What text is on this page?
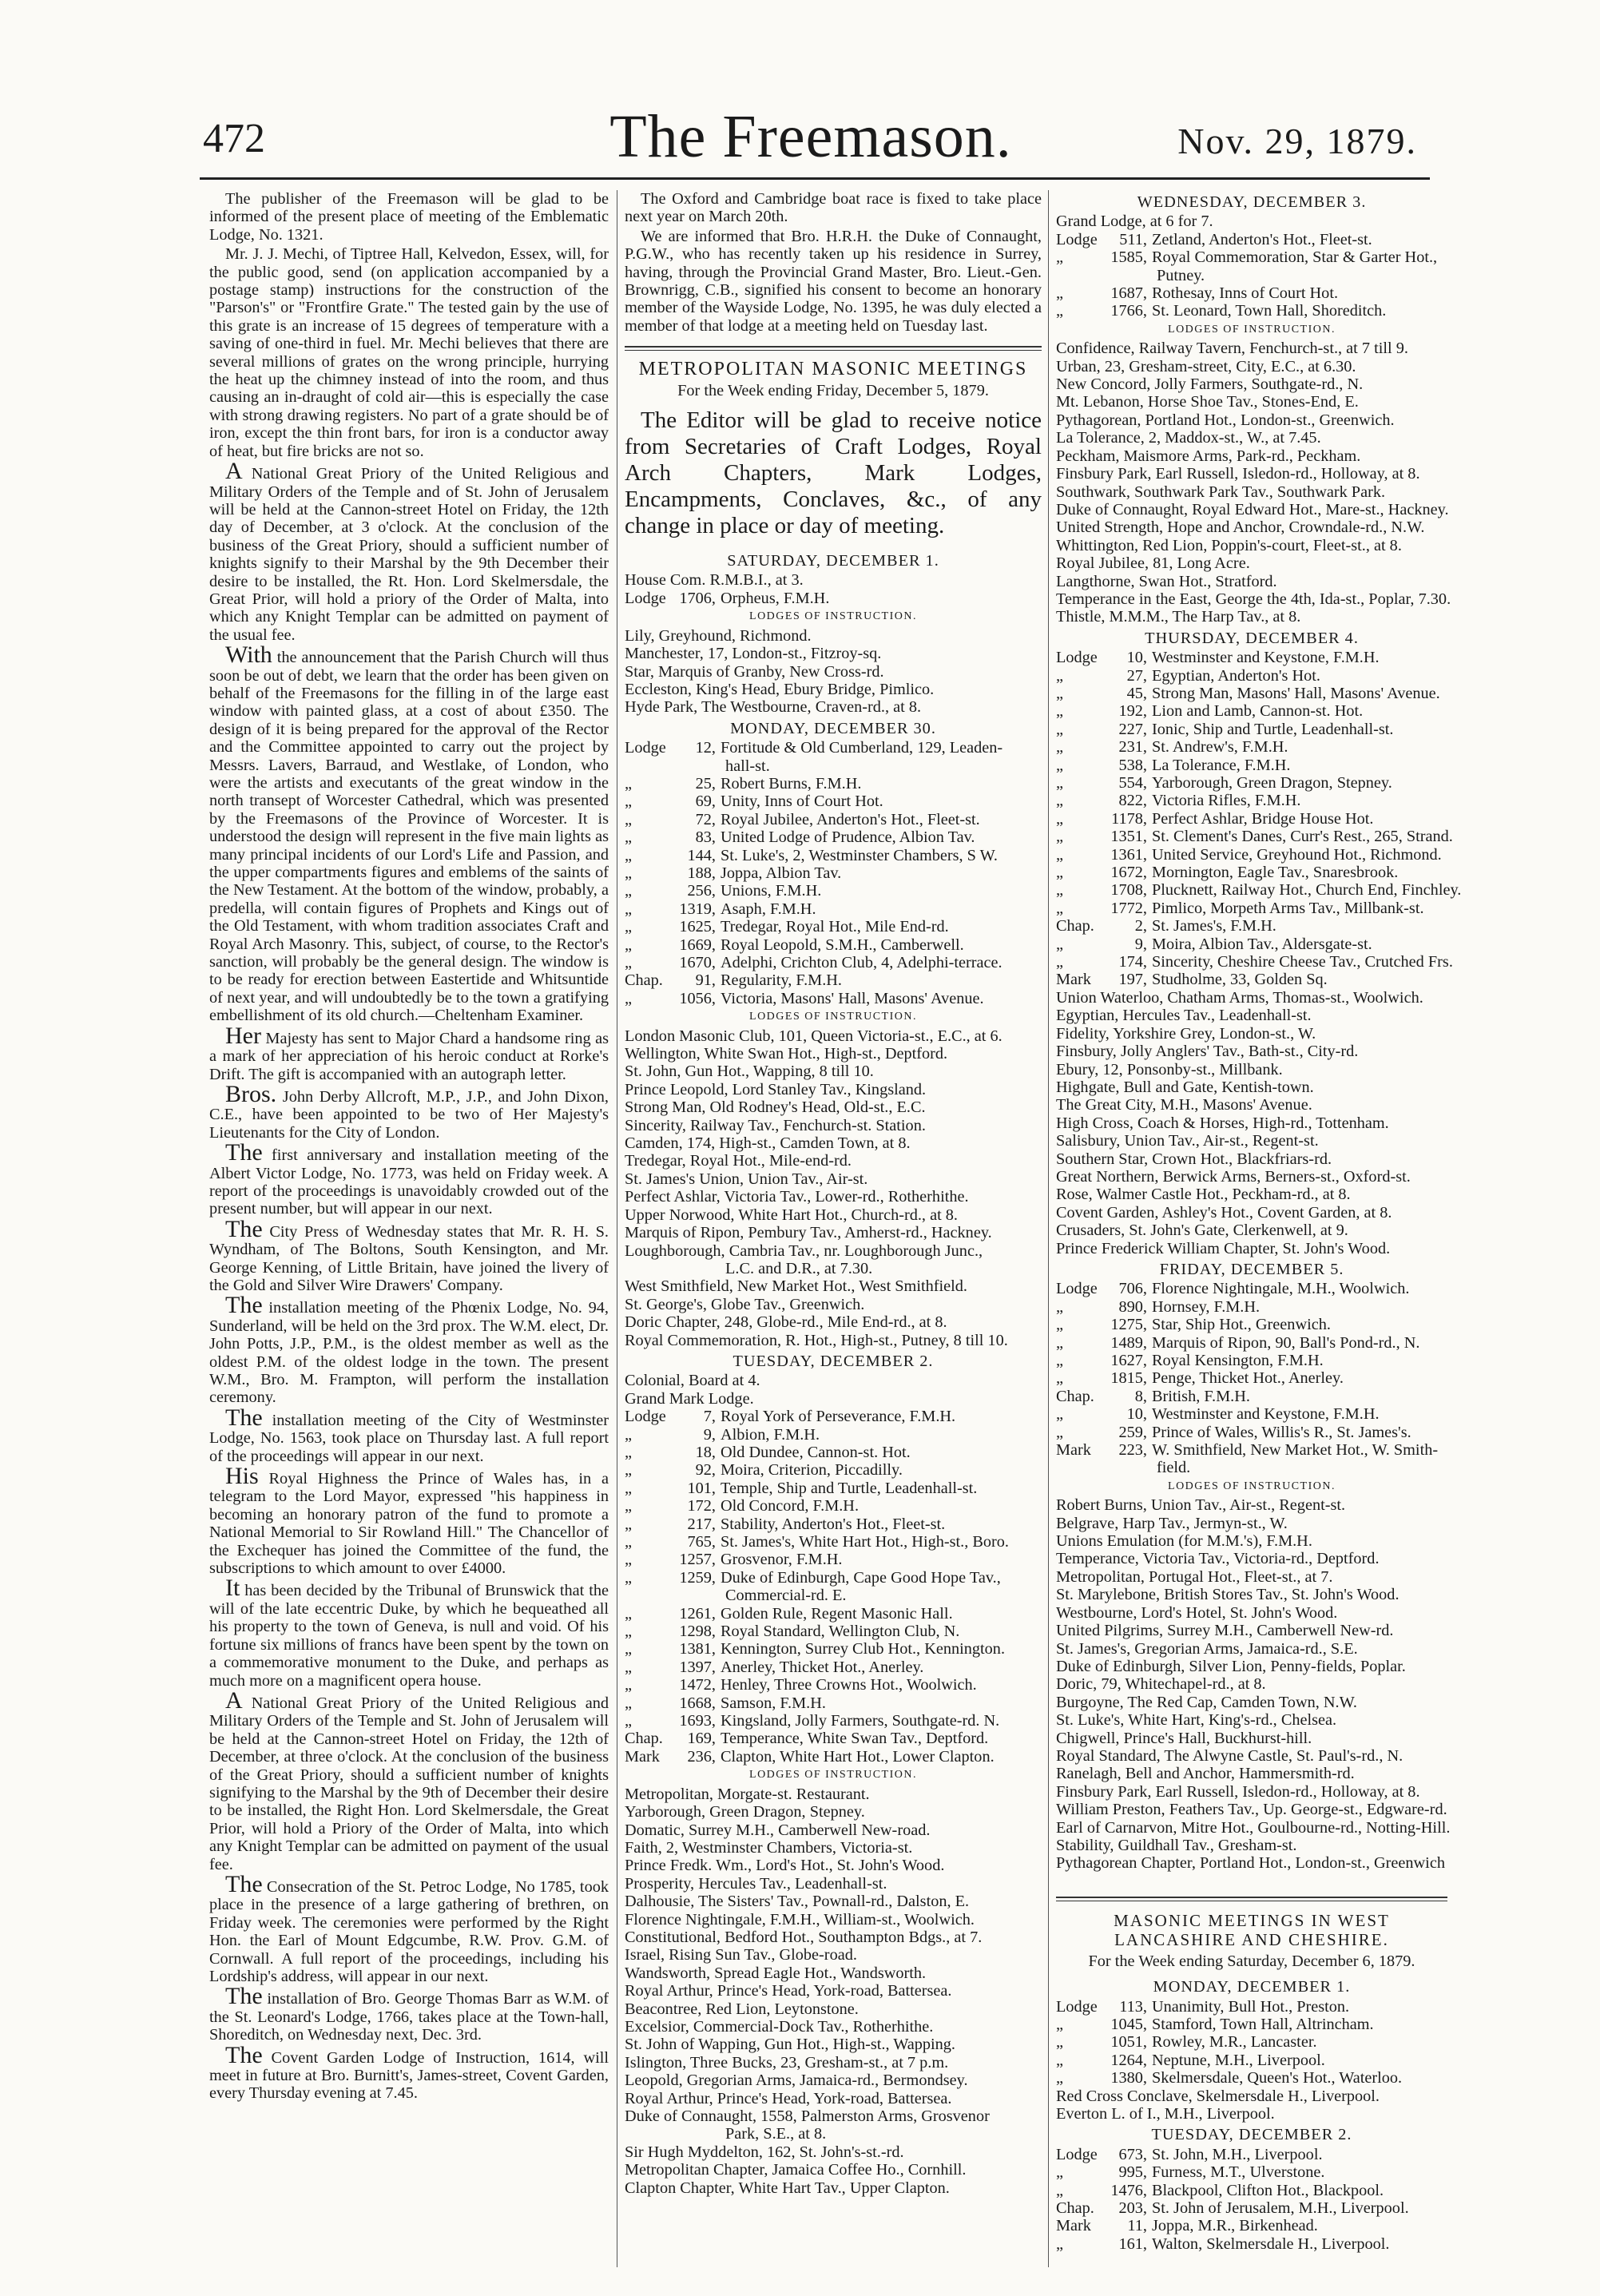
472	The Freemason.	Nov. 29, 1879.

The publisher of the Freemason will be glad to be informed of the present place of meeting of the Emblematic Lodge, No. 1321.

Mr. J. J. Mechi, of Tiptree Hall, Kelvedon, Essex, will, for the public good, send (on application accompanied by a postage stamp) instructions for the construction of the "Parson's" or "Frontfire Grate." The tested gain by the use of this grate is an increase of 15 degrees of temperature with a saving of one-third in fuel. Mr. Mechi believes that there are several millions of grates on the wrong principle, hurrying the heat up the chimney instead of into the room, and thus causing an in-draught of cold air—this is especially the case with strong drawing registers. No part of a grate should be of iron, except the thin front bars, for iron is a conductor away of heat, but fire bricks are not so.

A National Great Priory of the United Religious and Military Orders of the Temple and of St. John of Jerusalem will be held at the Cannon-street Hotel on Friday, the 12th day of December, at 3 o'clock. At the conclusion of the business of the Great Priory, should a sufficient number of knights signify to their Marshal by the 9th December their desire to be installed, the Rt. Hon. Lord Skelmersdale, the Great Prior, will hold a priory of the Order of Malta, into which any Knight Templar can be admitted on payment of the usual fee.

With the announcement that the Parish Church will thus soon be out of debt, we learn that the order has been given on behalf of the Freemasons for the filling in of the large east window with painted glass, at a cost of about £350. The design of it is being prepared for the approval of the Rector and the Committee appointed to carry out the project by Messrs. Lavers, Barraud, and Westlake, of London, who were the artists and executants of the great window in the north transept of Worcester Cathedral, which was presented by the Freemasons of the Province of Worcester. It is understood the design will represent in the five main lights as many principal incidents of our Lord's Life and Passion, and the upper compartments figures and emblems of the saints of the New Testament. At the bottom of the window, probably, a predella, will contain figures of Prophets and Kings out of the Old Testament, with whom tradition associates Craft and Royal Arch Masonry. This, subject, of course, to the Rector's sanction, will probably be the general design. The window is to be ready for erection between Eastertide and Whitsuntide of next year, and will undoubtedly be to the town a gratifying embellishment of its old church.—Cheltenham Examiner.

Her Majesty has sent to Major Chard a handsome ring as a mark of her appreciation of his heroic conduct at Rorke's Drift. The gift is accompanied with an autograph letter.

Bros. John Derby Allcroft, M.P., J.P., and John Dixon, C.E., have been appointed to be two of Her Majesty's Lieutenants for the City of London.

The first anniversary and installation meeting of the Albert Victor Lodge, No. 1773, was held on Friday week. A report of the proceedings is unavoidably crowded out of the present number, but will appear in our next.

The City Press of Wednesday states that Mr. R. H. S. Wyndham, of The Boltons, South Kensington, and Mr. George Kenning, of Little Britain, have joined the livery of the Gold and Silver Wire Drawers' Company.

The installation meeting of the Phœnix Lodge, No. 94, Sunderland, will be held on the 3rd prox. The W.M. elect, Dr. John Potts, J.P., P.M., is the oldest member as well as the oldest P.M. of the oldest lodge in the town. The present W.M., Bro. M. Frampton, will perform the installation ceremony.

The installation meeting of the City of Westminster Lodge, No. 1563, took place on Thursday last. A full report of the proceedings will appear in our next.

His Royal Highness the Prince of Wales has, in a telegram to the Lord Mayor, expressed "his happiness in becoming an honorary patron of the fund to promote a National Memorial to Sir Rowland Hill." The Chancellor of the Exchequer has joined the Committee of the fund, the subscriptions to which amount to over £4000.

It has been decided by the Tribunal of Brunswick that the will of the late eccentric Duke, by which he bequeathed all his property to the town of Geneva, is null and void. Of his fortune six millions of francs have been spent by the town on a commemorative monument to the Duke, and perhaps as much more on a magnificent opera house.

A National Great Priory of the United Religious and Military Orders of the Temple and St. John of Jerusalem will be held at the Cannon-street Hotel on Friday, the 12th of December, at three o'clock. At the conclusion of the business of the Great Priory, should a sufficient number of knights signifying to the Marshal by the 9th of December their desire to be installed, the Right Hon. Lord Skelmersdale, the Great Prior, will hold a Priory of the Order of Malta, into which any Knight Templar can be admitted on payment of the usual fee.

The Consecration of the St. Petroc Lodge, No 1785, took place in the presence of a large gathering of brethren, on Friday week. The ceremonies were performed by the Right Hon. the Earl of Mount Edgcumbe, R.W. Prov. G.M. of Cornwall. A full report of the proceedings, including his Lordship's address, will appear in our next.

The installation of Bro. George Thomas Barr as W.M. of the St. Leonard's Lodge, 1766, takes place at the Town-hall, Shoreditch, on Wednesday next, Dec. 3rd.

The Covent Garden Lodge of Instruction, 1614, will meet in future at Bro. Burnitt's, James-street, Covent Garden, every Thursday evening at 7.45.

The Oxford and Cambridge boat race is fixed to take place next year on March 20th.

We are informed that Bro. H.R.H. the Duke of Connaught, P.G.W., who has recently taken up his residence in Surrey, having, through the Provincial Grand Master, Bro. Lieut.-Gen. Brownrigg, C.B., signified his consent to become an honorary member of the Wayside Lodge, No. 1395, he was duly elected a member of that lodge at a meeting held on Tuesday last.

METROPOLITAN MASONIC MEETINGS
For the Week ending Friday, December 5, 1879.
The Editor will be glad to receive notice from Secretaries of Craft Lodges, Royal Arch Chapters, Mark Lodges, Encampments, Conclaves, &c., of any change in place or day of meeting.
SATURDAY, DECEMBER 1.
House Com. R.M.B.I., at 3.
Lodge 1706, Orpheus, F.M.H.
LODGES OF INSTRUCTION.
Lily, Greyhound, Richmond.
Manchester, 17, London-st., Fitzroy-sq.
Star, Marquis of Granby, New Cross-rd.
Eccleston, King's Head, Ebury Bridge, Pimlico.
Hyde Park, The Westbourne, Craven-rd., at 8.
MONDAY, DECEMBER 30.
Lodge 12, Fortitude & Old Cumberland, 129, Leaden-
hall-st.
„	25, Robert Burns, F.M.H.
„	69, Unity, Inns of Court Hot.
„	72, Royal Jubilee, Anderton's Hot., Fleet-st.
„	83, United Lodge of Prudence, Albion Tav.
„	144, St. Luke's, 2, Westminster Chambers, S W.
„	188, Joppa, Albion Tav.
„	256, Unions, F.M.H.
„	1319, Asaph, F.M.H.
„	1625, Tredegar, Royal Hot., Mile End-rd.
„	1669, Royal Leopold, S.M.H., Camberwell.
„	1670, Adelphi, Crichton Club, 4, Adelphi-terrace.
Chap. 91, Regularity, F.M.H.
„	1056, Victoria, Masons' Hall, Masons' Avenue.
LODGES OF INSTRUCTION.
London Masonic Club, 101, Queen Victoria-st., E.C., at 6.
Wellington, White Swan Hot., High-st., Deptford.
St. John, Gun Hot., Wapping, 8 till 10.
Prince Leopold, Lord Stanley Tav., Kingsland.
Strong Man, Old Rodney's Head, Old-st., E.C.
Sincerity, Railway Tav., Fenchurch-st. Station.
Camden, 174, High-st., Camden Town, at 8.
Tredegar, Royal Hot., Mile-end-rd.
St. James's Union, Union Tav., Air-st.
Perfect Ashlar, Victoria Tav., Lower-rd., Rotherhithe.
Upper Norwood, White Hart Hot., Church-rd., at 8.
Marquis of Ripon, Pembury Tav., Amherst-rd., Hackney.
Loughborough, Cambria Tav., nr. Loughborough Junc.,
L.C. and D.R., at 7.30.
West Smithfield, New Market Hot., West Smithfield.
St. George's, Globe Tav., Greenwich.
Doric Chapter, 248, Globe-rd., Mile End-rd., at 8.
Royal Commemoration, R. Hot., High-st., Putney, 8 till 10.
TUESDAY, DECEMBER 2.
Colonial, Board at 4.
Grand Mark Lodge.
Lodge 7, Royal York of Perseverance, F.M.H.
„	9, Albion, F.M.H.
„	18, Old Dundee, Cannon-st. Hot.
„	92, Moira, Criterion, Piccadilly.
„	101, Temple, Ship and Turtle, Leadenhall-st.
„	172, Old Concord, F.M.H.
„	217, Stability, Anderton's Hot., Fleet-st.
„	765, St. James's, White Hart Hot., High-st., Boro.
„	1257, Grosvenor, F.M.H.
„	1259, Duke of Edinburgh, Cape Good Hope Tav.,
Commercial-rd. E.
„	1261, Golden Rule, Regent Masonic Hall.
„	1298, Royal Standard, Wellington Club, N.
„	1381, Kennington, Surrey Club Hot., Kennington.
„	1397, Anerley, Thicket Hot., Anerley.
„	1472, Henley, Three Crowns Hot., Woolwich.
„	1668, Samson, F.M.H.
„	1693, Kingsland, Jolly Farmers, Southgate-rd. N.
Chap. 169, Temperance, White Swan Tav., Deptford.
Mark 236, Clapton, White Hart Hot., Lower Clapton.
LODGES OF INSTRUCTION.
Metropolitan, Morgate-st. Restaurant.
Yarborough, Green Dragon, Stepney.
Domatic, Surrey M.H., Camberwell New-road.
Faith, 2, Westminster Chambers, Victoria-st.
Prince Fredk. Wm., Lord's Hot., St. John's Wood.
Prosperity, Hercules Tav., Leadenhall-st.
Dalhousie, The Sisters' Tav., Pownall-rd., Dalston, E.
Florence Nightingale, F.M.H., William-st., Woolwich.
Constitutional, Bedford Hot., Southampton Bdgs., at 7.
Israel, Rising Sun Tav., Globe-road.
Wandsworth, Spread Eagle Hot., Wandsworth.
Royal Arthur, Prince's Head, York-road, Battersea.
Beacontree, Red Lion, Leytonstone.
Excelsior, Commercial-Dock Tav., Rotherhithe.
St. John of Wapping, Gun Hot., High-st., Wapping.
Islington, Three Bucks, 23, Gresham-st., at 7 p.m.
Leopold, Gregorian Arms, Jamaica-rd., Bermondsey.
Royal Arthur, Prince's Head, York-road, Battersea.
Duke of Connaught, 1558, Palmerston Arms, Grosvenor
Park, S.E., at 8.
Sir Hugh Myddelton, 162, St. John's-st.-rd.
Metropolitan Chapter, Jamaica Coffee Ho., Cornhill.
Clapton Chapter, White Hart Tav., Upper Clapton.
WEDNESDAY, DECEMBER 3.
Grand Lodge, at 6 for 7.
Lodge 511, Zetland, Anderton's Hot., Fleet-st.
„	1585, Royal Commemoration, Star & Garter Hot.,
Putney.
„	1687, Rothesay, Inns of Court Hot.
„	1766, St. Leonard, Town Hall, Shoreditch.
LODGES OF INSTRUCTION.
Confidence, Railway Tavern, Fenchurch-st., at 7 till 9.
Urban, 23, Gresham-street, City, E.C., at 6.30.
New Concord, Jolly Farmers, Southgate-rd., N.
Mt. Lebanon, Horse Shoe Tav., Stones-End, E.
Pythagorean, Portland Hot., London-st., Greenwich.
La Tolerance, 2, Maddox-st., W., at 7.45.
Peckham, Maismore Arms, Park-rd., Peckham.
Finsbury Park, Earl Russell, Isledon-rd., Holloway, at 8.
Southwark, Southwark Park Tav., Southwark Park.
Duke of Connaught, Royal Edward Hot., Mare-st., Hackney.
United Strength, Hope and Anchor, Crowndale-rd., N.W.
Whittington, Red Lion, Poppin's-court, Fleet-st., at 8.
Royal Jubilee, 81, Long Acre.
Langthorne, Swan Hot., Stratford.
Temperance in the East, George the 4th, Ida-st., Poplar, 7.30.
Thistle, M.M.M., The Harp Tav., at 8.
THURSDAY, DECEMBER 4.
Lodge 10, Westminster and Keystone, F.M.H.
„	27, Egyptian, Anderton's Hot.
„	45, Strong Man, Masons' Hall, Masons' Avenue.
„	192, Lion and Lamb, Cannon-st. Hot.
„	227, Ionic, Ship and Turtle, Leadenhall-st.
„	231, St. Andrew's, F.M.H.
„	538, La Tolerance, F.M.H.
„	554, Yarborough, Green Dragon, Stepney.
„	822, Victoria Rifles, F.M.H.
„	1178, Perfect Ashlar, Bridge House Hot.
„	1351, St. Clement's Danes, Curr's Rest., 265, Strand.
„	1361, United Service, Greyhound Hot., Richmond.
„	1672, Mornington, Eagle Tav., Snaresbrook.
„	1708, Plucknett, Railway Hot., Church End, Finchley.
„	1772, Pimlico, Morpeth Arms Tav., Millbank-st.
Chap.	2, St. James's, F.M.H.
„	9, Moira, Albion Tav., Aldersgate-st.
„	174, Sincerity, Cheshire Cheese Tav., Crutched Frs.
Mark 197, Studholme, 33, Golden Sq.
Union Waterloo, Chatham Arms, Thomas-st., Woolwich.
Egyptian, Hercules Tav., Leadenhall-st.
Fidelity, Yorkshire Grey, London-st., W.
Finsbury, Jolly Anglers' Tav., Bath-st., City-rd.
Ebury, 12, Ponsonby-st., Millbank.
Highgate, Bull and Gate, Kentish-town.
The Great City, M.H., Masons' Avenue.
High Cross, Coach & Horses, High-rd., Tottenham.
Salisbury, Union Tav., Air-st., Regent-st.
Southern Star, Crown Hot., Blackfriars-rd.
Great Northern, Berwick Arms, Berners-st., Oxford-st.
Rose, Walmer Castle Hot., Peckham-rd., at 8.
Covent Garden, Ashley's Hot., Covent Garden, at 8.
Crusaders, St. John's Gate, Clerkenwell, at 9.
Prince Frederick William Chapter, St. John's Wood.
FRIDAY, DECEMBER 5.
Lodge 706, Florence Nightingale, M.H., Woolwich.
„	890, Hornsey, F.M.H.
„	1275, Star, Ship Hot., Greenwich.
„	1489, Marquis of Ripon, 90, Ball's Pond-rd., N.
„	1627, Royal Kensington, F.M.H.
„	1815, Penge, Thicket Hot., Anerley.
Chap.	8, British, F.M.H.
„	10, Westminster and Keystone, F.M.H.
„	259, Prince of Wales, Willis's R., St. James's.
Mark 223, W. Smithfield, New Market Hot., W. Smith-
field.
LODGES OF INSTRUCTION.
Robert Burns, Union Tav., Air-st., Regent-st.
Belgrave, Harp Tav., Jermyn-st., W.
Unions Emulation (for M.M.'s), F.M.H.
Temperance, Victoria Tav., Victoria-rd., Deptford.
Metropolitan, Portugal Hot., Fleet-st., at 7.
St. Marylebone, British Stores Tav., St. John's Wood.
Westbourne, Lord's Hotel, St. John's Wood.
United Pilgrims, Surrey M.H., Camberwell New-rd.
St. James's, Gregorian Arms, Jamaica-rd., S.E.
Duke of Edinburgh, Silver Lion, Penny-fields, Poplar.
Doric, 79, Whitechapel-rd., at 8.
Burgoyne, The Red Cap, Camden Town, N.W.
St. Luke's, White Hart, King's-rd., Chelsea.
Chigwell, Prince's Hall, Buckhurst-hill.
Royal Standard, The Alwyne Castle, St. Paul's-rd., N.
Ranelagh, Bell and Anchor, Hammersmith-rd.
Finsbury Park, Earl Russell, Isledon-rd., Holloway, at 8.
William Preston, Feathers Tav., Up. George-st., Edgware-rd.
Earl of Carnarvon, Mitre Hot., Goulbourne-rd., Notting-Hill.
Stability, Guildhall Tav., Gresham-st.
Pythagorean Chapter, Portland Hot., London-st., Greenwich
MASONIC MEETINGS IN WEST LANCASHIRE AND CHESHIRE.
For the Week ending Saturday, December 6, 1879.
MONDAY, DECEMBER 1.
Lodge 113, Unanimity, Bull Hot., Preston.
„	1045, Stamford, Town Hall, Altrincham.
„	1051, Rowley, M.R., Lancaster.
„	1264, Neptune, M.H., Liverpool.
„	1380, Skelmersdale, Queen's Hot., Waterloo.
Red Cross Conclave, Skelmersdale H., Liverpool.
Everton L. of I., M.H., Liverpool.
TUESDAY, DECEMBER 2.
Lodge 673, St. John, M.H., Liverpool.
„	995, Furness, M.T., Ulverstone.
„	1476, Blackpool, Clifton Hot., Blackpool.
Chap. 203, St. John of Jerusalem, M.H., Liverpool.
Mark 11, Joppa, M.R., Birkenhead.
„	161, Walton, Skelmersdale H., Liverpool.
